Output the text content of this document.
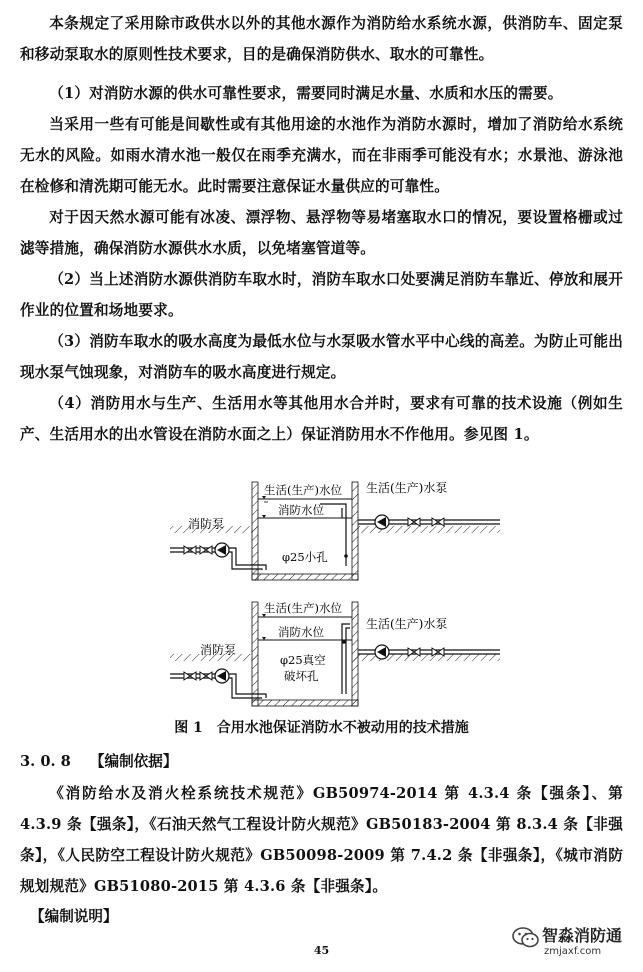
本条规定了采用除市政供水以外的其他水源作为消防给水系统水源，供消防车、固定泵和移动泵取水的原则性技术要求，目的是确保消防供水、取水的可靠性。

（1）对消防水源的供水可靠性要求，需要同时满足水量、水质和水压的需要。

当采用一些有可能是间歇性或有其他用途的水池作为消防水源时，增加了消防给水系统无水的风险。如雨水清水池一般仅在雨季充满水，而在非雨季可能没有水；水景池、游泳池在检修和清洗期可能无水。此时需要注意保证水量供应的可靠性。

对于因天然水源可能有冰凌、漂浮物、悬浮物等易堵塞取水口的情况，要设置格栅或过滤等措施，确保消防水源供水水质，以免堵塞管道等。

（2）当上述消防水源供消防车取水时，消防车取水口处要满足消防车靠近、停放和展开作业的位置和场地要求。

（3）消防车取水的吸水高度为最低水位与水泵吸水管水平中心线的高差。为防止可能出现水泵气蚀现象，对消防车的吸水高度进行规定。

（4）消防用水与生产、生活用水等其他用水合并时，要求有可靠的技术设施（例如生产、生活用水的出水管设在消防水面之上）保证消防用水不作他用。参见图 1。

生活(生产)水位
消防水位
φ25小孔
消防泵
生活(生产)水泵
生活(生产)水位
消防水位
φ25真空
破坏孔
消防泵
生活(生产)水泵
图 1　合用水池保证消防水不被动用的技术措施
3. 0. 8 【编制依据】

《消防给水及消火栓系统技术规范》GB50974-2014 第 4.3.4 条【强条】、第 4.3.9 条【强条】，《石油天然气工程设计防火规范》GB50183-2004 第 8.3.4 条【非强条】，《人民防空工程设计防火规范》GB50098-2009 第 7.4.2 条【非强条】，《城市消防规划规范》GB51080-2015 第 4.3.6 条【非强条】。

【编制说明】
45
智淼消防通
zmjaxf.com
